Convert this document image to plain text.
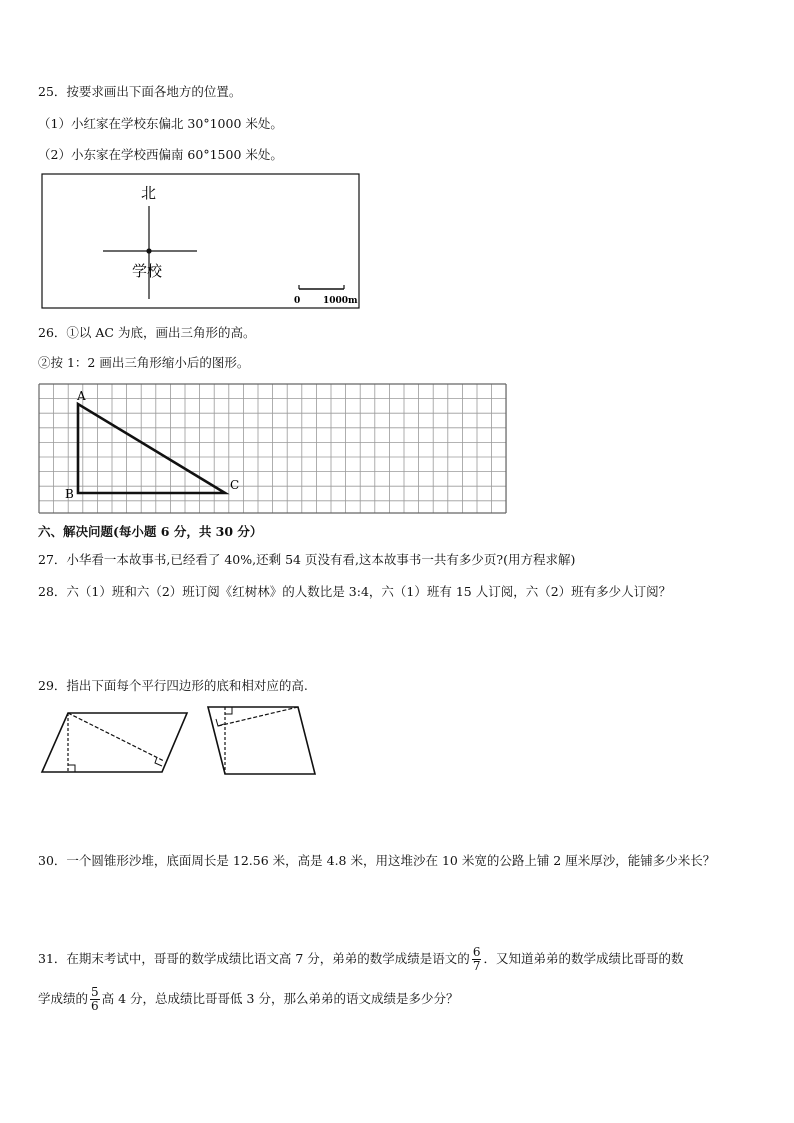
25．按要求画出下面各地方的位置。
（1）小红家在学校东偏北 30°1000 米处。
（2）小东家在学校西偏南 60°1500 米处。
北
学校
0	1000m
26．①以 AC 为底，画出三角形的高。
②按 1：2 画出三角形缩小后的图形。
A
B
C
六、解决问题(每小题 6 分，共 30 分）
27．小华看一本故事书,已经看了 40%,还剩 54 页没有看,这本故事书一共有多少页?(用方程求解)
28．六（1）班和六（2）班订阅《红树林》的人数比是 3:4，六（1）班有 15 人订阅，六（2）班有多少人订阅？
29．指出下面每个平行四边形的底和相对应的高.
30．一个圆锥形沙堆，底面周长是 12.56 米，高是 4.8 米，用这堆沙在 10 米宽的公路上铺 2 厘米厚沙，能铺多少米长？
31．在期末考试中，哥哥的数学成绩比语文高 7 分，弟弟的数学成绩是语文的 $\frac{6}{7}$ ．又知道弟弟的数学成绩比哥哥的数
学成绩的 $\frac{5}{6}$ 高 4 分，总成绩比哥哥低 3 分，那么弟弟的语文成绩是多少分？
